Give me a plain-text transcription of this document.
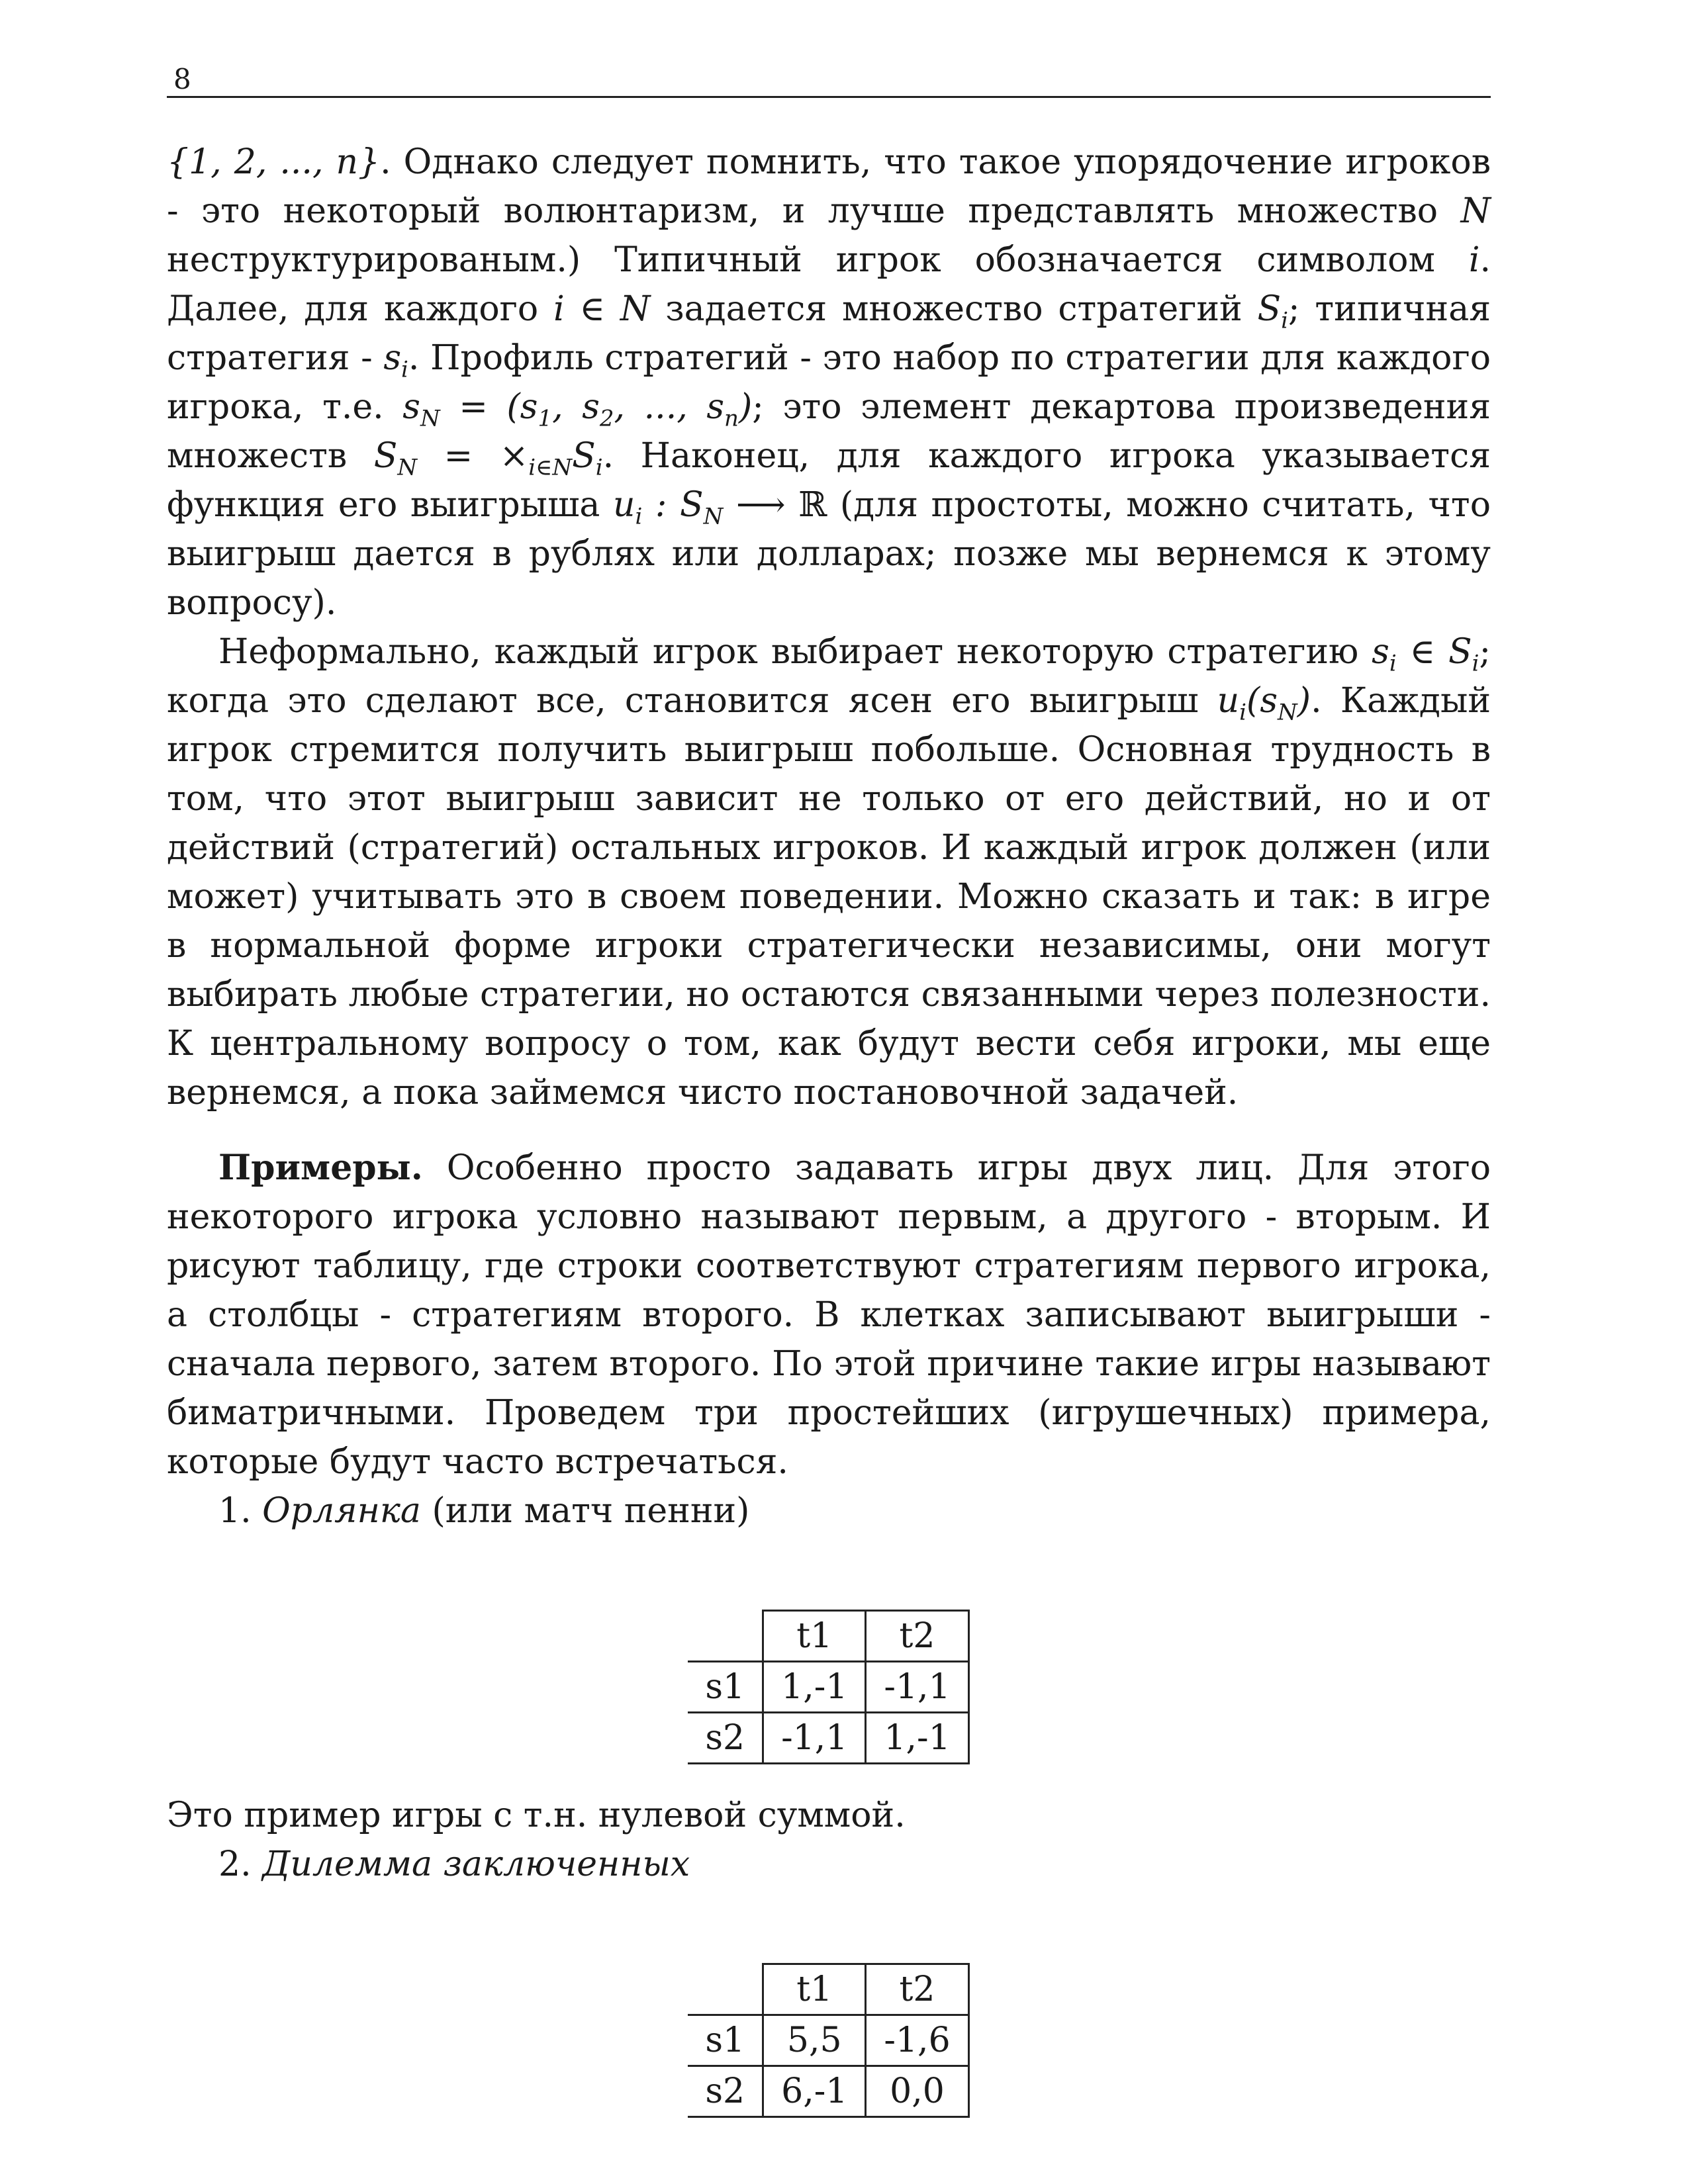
8

{1, 2, ..., n}. Однако следует помнить, что такое упорядочение игроков - это некоторый волюнтаризм, и лучше представлять множество N неструктурированым.) Типичный игрок обозначается символом i. Далее, для каждого i ∈ N задается множество стратегий $S_i$; типичная стратегия - $s_i$. Профиль стратегий - это набор по стратегии для каждого игрока, т.е. $s_N = (s_1$, $s_2$, ..., $s_n$); это элемент декартова произведения множеств $S_N = \times_{i\in N}S_i$. Наконец, для каждого игрока указывается функция его выигрыша $u_i$ : $S_N$ ⟶ ℝ (для простоты, можно считать, что выигрыш дается в рублях или долларах; позже мы вернемся к этому вопросу).

Неформально, каждый игрок выбирает некоторую стратегию $s_i$ ∈ $S_i$; когда это сделают все, становится ясен его выигрыш $u_i(s_N)$. Каждый игрок стремится получить выигрыш побольше. Основная трудность в том, что этот выигрыш зависит не только от его действий, но и от действий (стратегий) остальных игроков. И каждый игрок должен (или может) учитывать это в своем поведении. Можно сказать и так: в игре в нормальной форме игроки стратегически независимы, они могут выбирать любые стратегии, но остаются связанными через полезности. К центральному вопросу о том, как будут вести себя игроки, мы еще вернемся, а пока займемся чисто постановочной задачей.

Примеры. Особенно просто задавать игры двух лиц. Для этого некоторого игрока условно называют первым, а другого - вторым. И рисуют таблицу, где строки соответствуют стратегиям первого игрока, а столбцы - стратегиям второго. В клетках записывают выигрыши - сначала первого, затем второго. По этой причине такие игры называют биматричными. Проведем три простейших (игрушечных) примера, которые будут часто встречаться.

1. Орлянка (или матч пенни)

	t1	t2
s1	1,-1	-1,1
s2	-1,1	1,-1

Это пример игры с т.н. нулевой суммой.

2. Дилемма заключенных

	t1	t2
s1	5,5	-1,6
s2	6,-1	0,0
